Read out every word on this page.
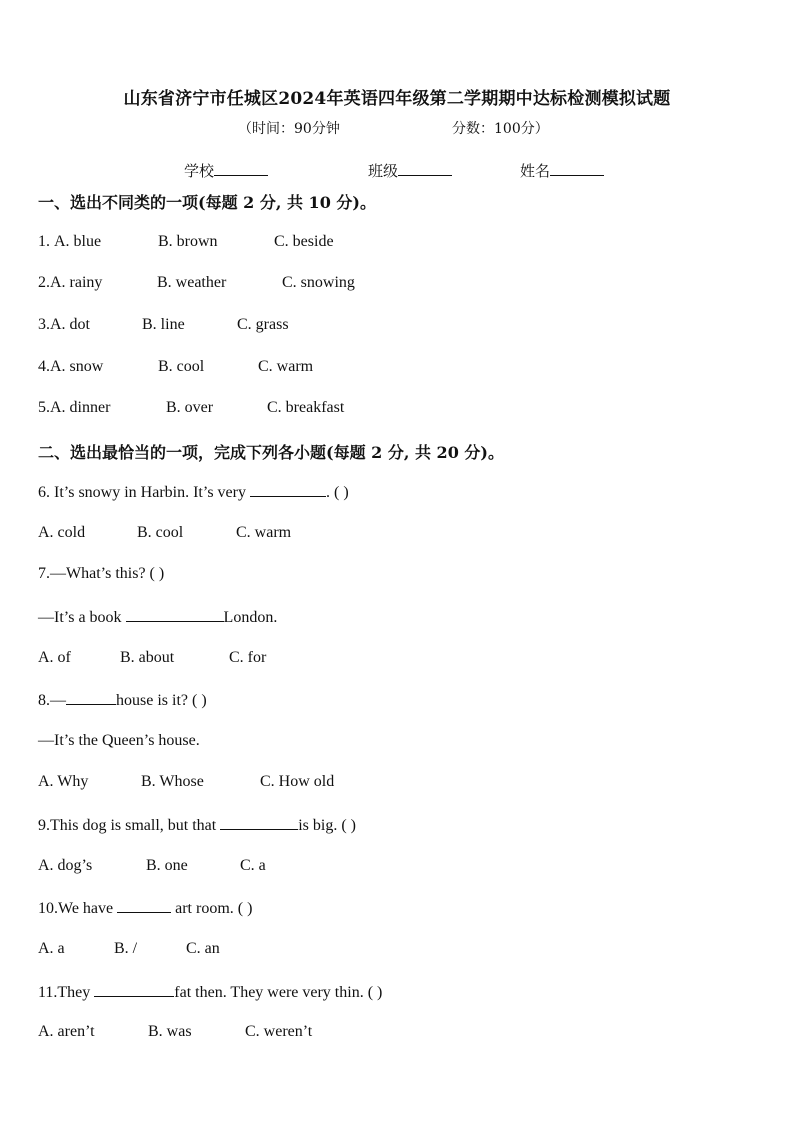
山东省济宁市任城区2024年英语四年级第二学期期中达标检测模拟试题
（时间：90分钟	分数：100分）
学校	班级	姓名
一、选出不同类的一项(每题 2 分, 共 10 分)。
1. A. blue	B. brown	C. beside
2.A. rainy	B. weather	C. snowing
3.A. dot	B. line	C. grass
4.A. snow	B. cool	C. warm
5.A. dinner	B. over	C. breakfast
二、选出最恰当的一项，完成下列各小题(每题 2 分, 共 20 分)。
6. It’s snowy in Harbin. It’s very	. ( )
A. cold	B. cool	C. warm
7.—What’s this? ( )
—It’s a book	London.
A. of	B. about	C. for
8.—	house is it? ( )
—It’s the Queen’s house.
A. Why	B. Whose	C. How old
9.This dog is small, but that	is big. ( )
A. dog’s	B. one	C. a
10.We have	art room. ( )
A. a	B. /	C. an
11.They	fat then. They were very thin. ( )
A. aren’t	B. was	C. weren’t
